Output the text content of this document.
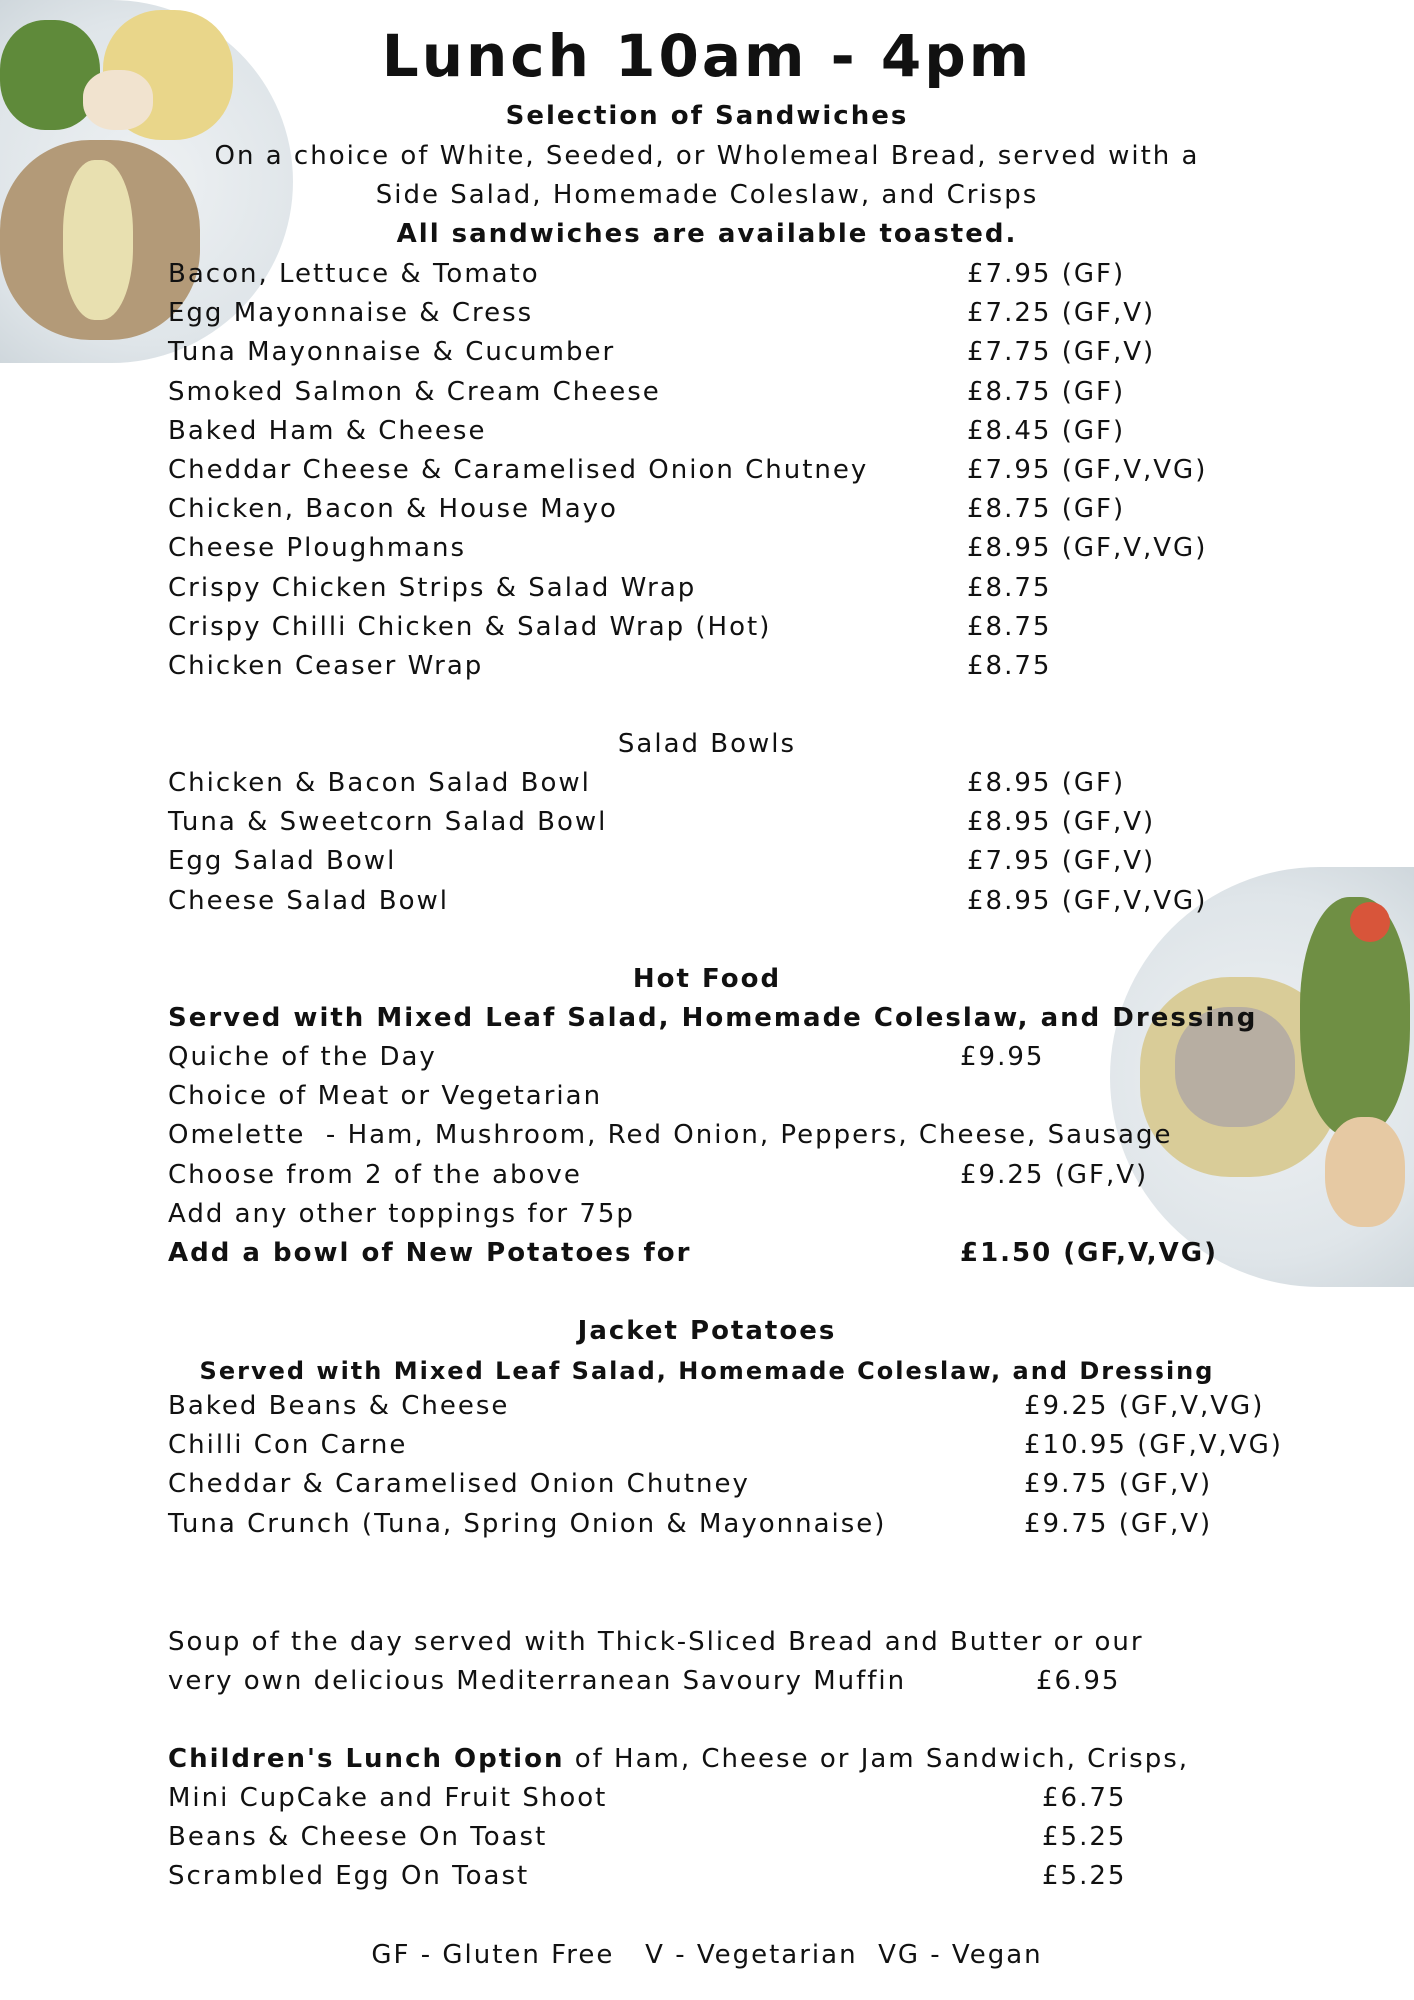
Lunch 10am - 4pm
Selection of Sandwiches
On a choice of White, Seeded, or Wholemeal Bread, served with a
Side Salad, Homemade Coleslaw, and Crisps
All sandwiches are available toasted.
Bacon, Lettuce & Tomato	£7.95 (GF)
Egg Mayonnaise & Cress	£7.25 (GF,V)
Tuna Mayonnaise & Cucumber	£7.75 (GF,V)
Smoked Salmon & Cream Cheese	£8.75 (GF)
Baked Ham & Cheese	£8.45 (GF)
Cheddar Cheese & Caramelised Onion Chutney	£7.95 (GF,V,VG)
Chicken, Bacon & House Mayo	£8.75 (GF)
Cheese Ploughmans	£8.95 (GF,V,VG)
Crispy Chicken Strips & Salad Wrap	£8.75
Crispy Chilli Chicken & Salad Wrap (Hot)	£8.75
Chicken Ceaser Wrap	£8.75
Salad Bowls
Chicken & Bacon Salad Bowl	£8.95 (GF)
Tuna & Sweetcorn Salad Bowl	£8.95 (GF,V)
Egg Salad Bowl	£7.95 (GF,V)
Cheese Salad Bowl	£8.95 (GF,V,VG)
Hot Food
Served with Mixed Leaf Salad, Homemade Coleslaw, and Dressing
Quiche of the Day	£9.95
Choice of Meat or Vegetarian
Omelette  - Ham, Mushroom, Red Onion, Peppers, Cheese, Sausage
Choose from 2 of the above	£9.25 (GF,V)
Add any other toppings for 75p
Add a bowl of New Potatoes for	£1.50 (GF,V,VG)
Jacket Potatoes
Served with Mixed Leaf Salad, Homemade Coleslaw, and Dressing
Baked Beans & Cheese	£9.25 (GF,V,VG)
Chilli Con Carne	£10.95 (GF,V,VG)
Cheddar & Caramelised Onion Chutney	£9.75 (GF,V)
Tuna Crunch (Tuna, Spring Onion & Mayonnaise)	£9.75 (GF,V)
Soup of the day served with Thick-Sliced Bread and Butter or our
very own delicious Mediterranean Savoury Muffin	£6.95
Children's Lunch Option of Ham, Cheese or Jam Sandwich, Crisps,
Mini CupCake and Fruit Shoot	£6.75
Beans & Cheese On Toast	£5.25
Scrambled Egg On Toast	£5.25
GF - Gluten Free   V - Vegetarian  VG - Vegan
